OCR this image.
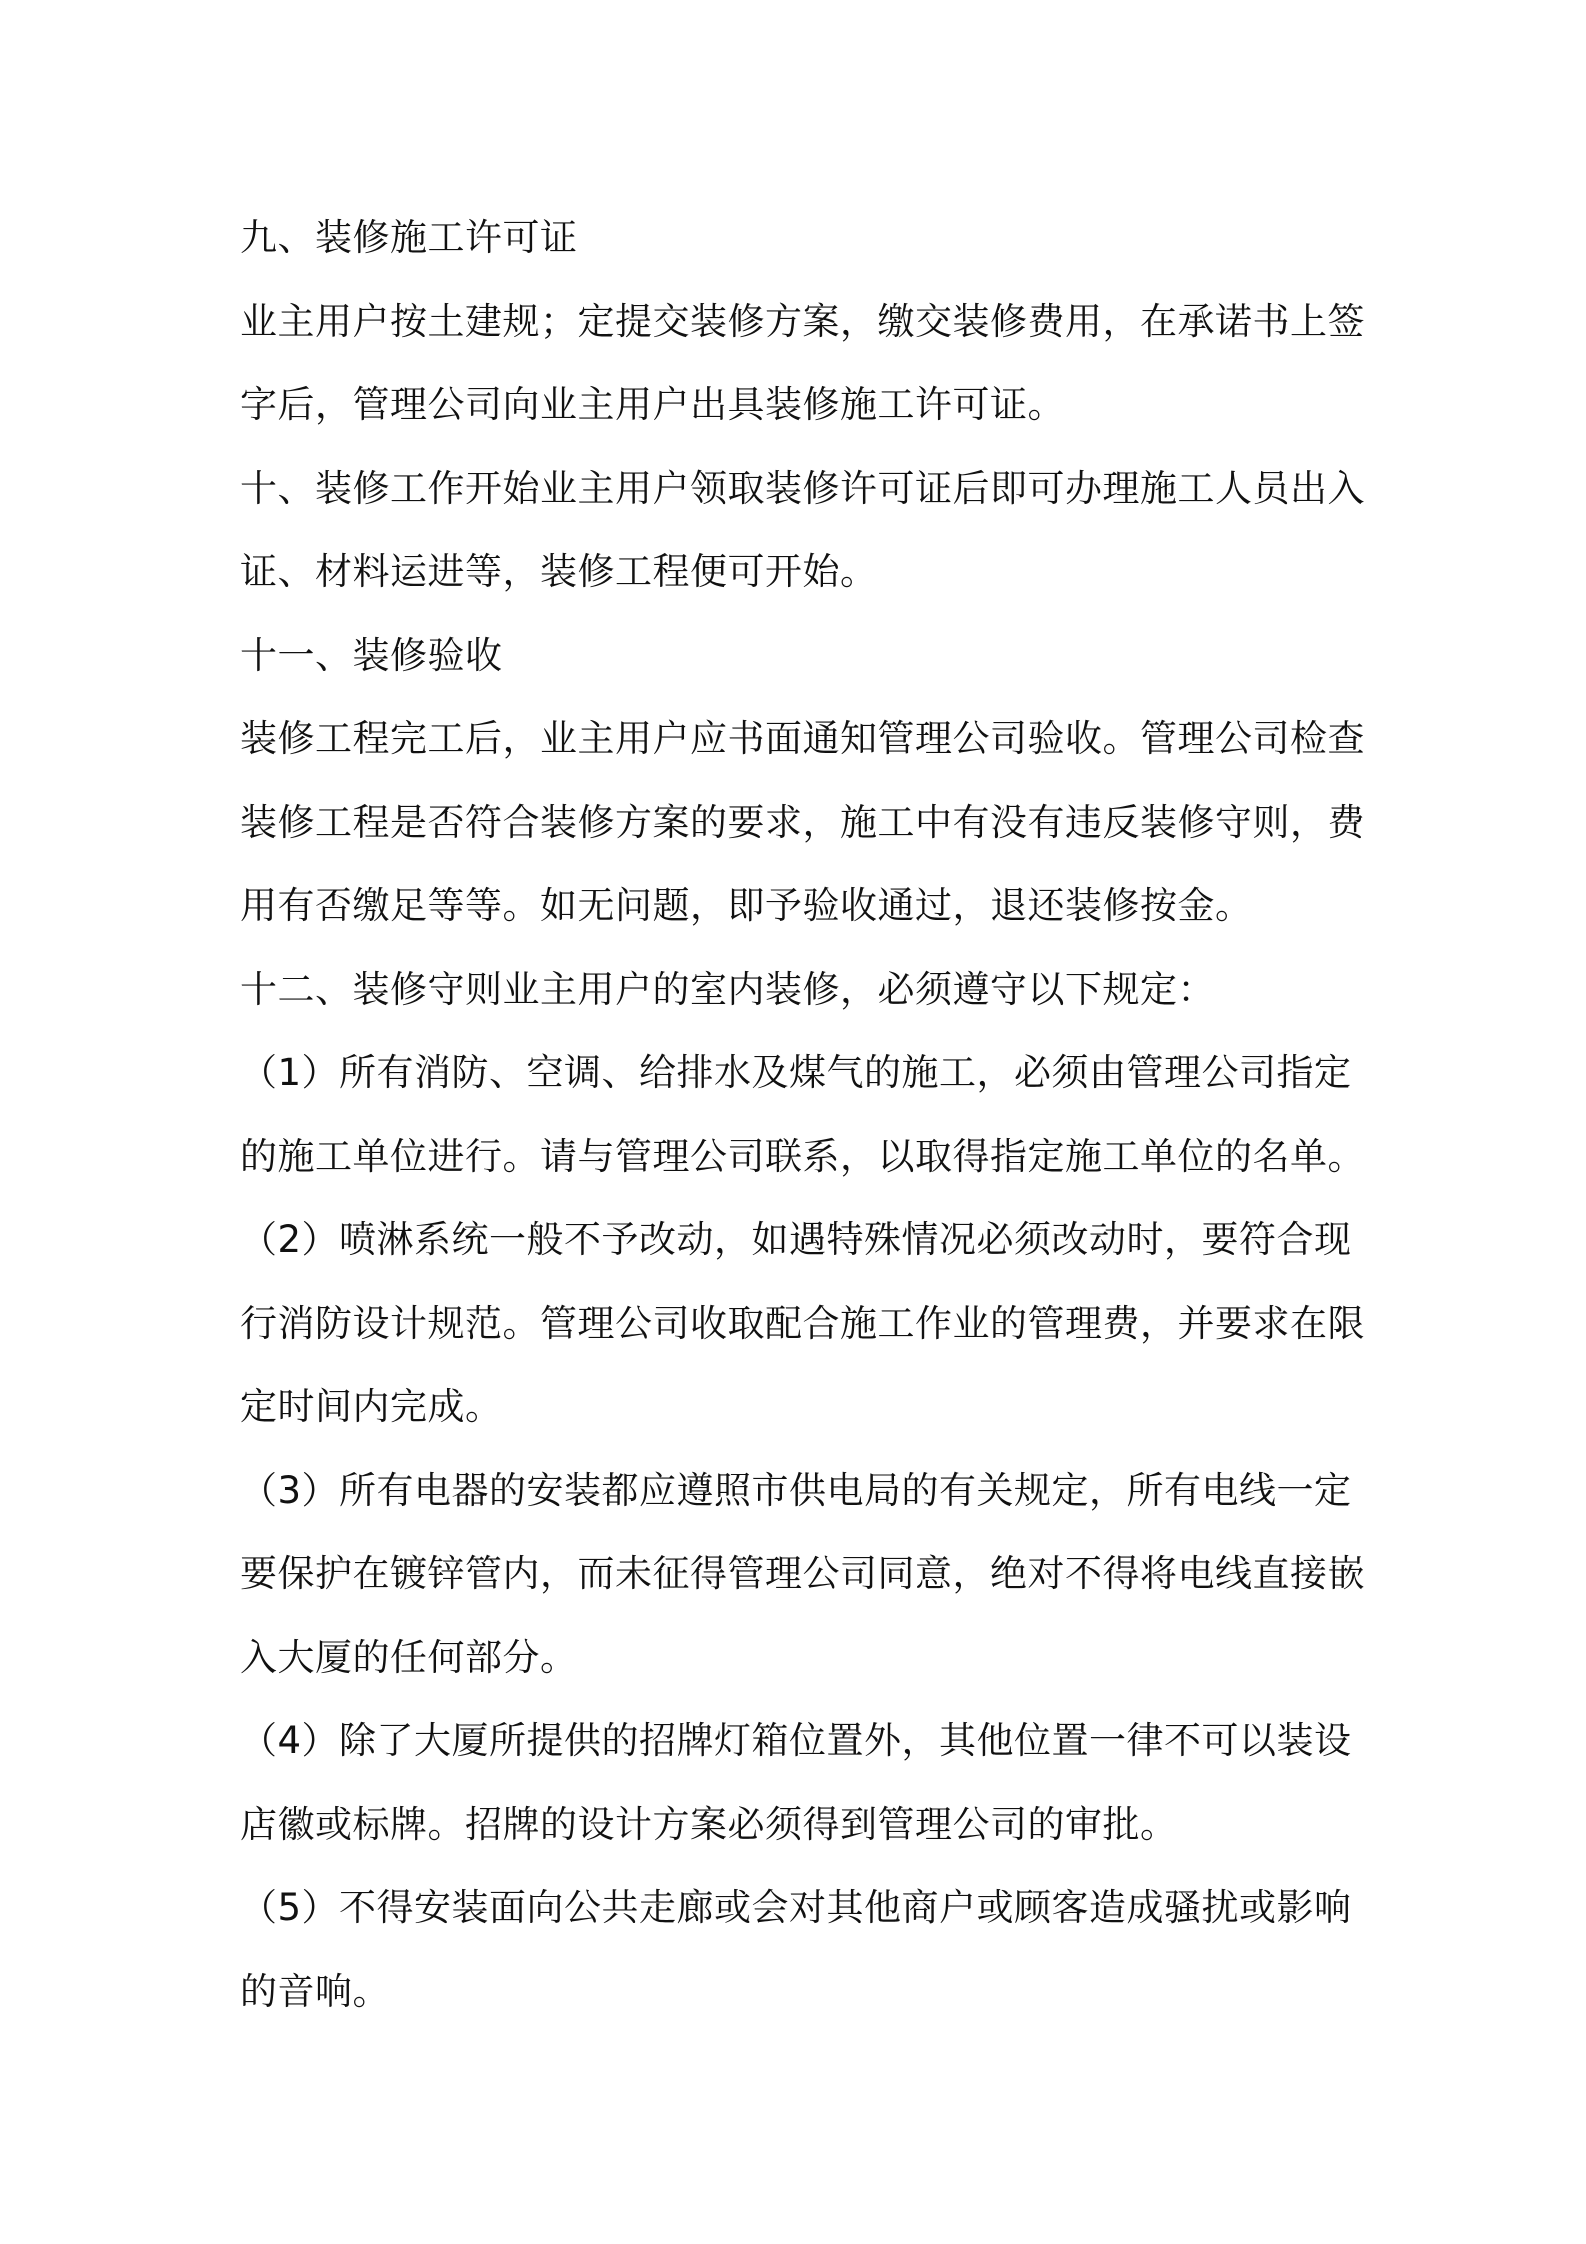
九、装修施工许可证
业主用户按土建规；定提交装修方案，缴交装修费用，在承诺书上签
字后，管理公司向业主用户出具装修施工许可证。
十、装修工作开始业主用户领取装修许可证后即可办理施工人员出入
证、材料运进等，装修工程便可开始。
十一、装修验收
装修工程完工后，业主用户应书面通知管理公司验收。管理公司检查
装修工程是否符合装修方案的要求，施工中有没有违反装修守则，费
用有否缴足等等。如无问题，即予验收通过，退还装修按金。
十二、装修守则业主用户的室内装修，必须遵守以下规定：
（1）所有消防、空调、给排水及煤气的施工，必须由管理公司指定
的施工单位进行。请与管理公司联系，以取得指定施工单位的名单。
（2）喷淋系统一般不予改动，如遇特殊情况必须改动时，要符合现
行消防设计规范。管理公司收取配合施工作业的管理费，并要求在限
定时间内完成。
（3）所有电器的安装都应遵照市供电局的有关规定，所有电线一定
要保护在镀锌管内，而未征得管理公司同意，绝对不得将电线直接嵌
入大厦的任何部分。
（4）除了大厦所提供的招牌灯箱位置外，其他位置一律不可以装设
店徽或标牌。招牌的设计方案必须得到管理公司的审批。
（5）不得安装面向公共走廊或会对其他商户或顾客造成骚扰或影响
的音响。
